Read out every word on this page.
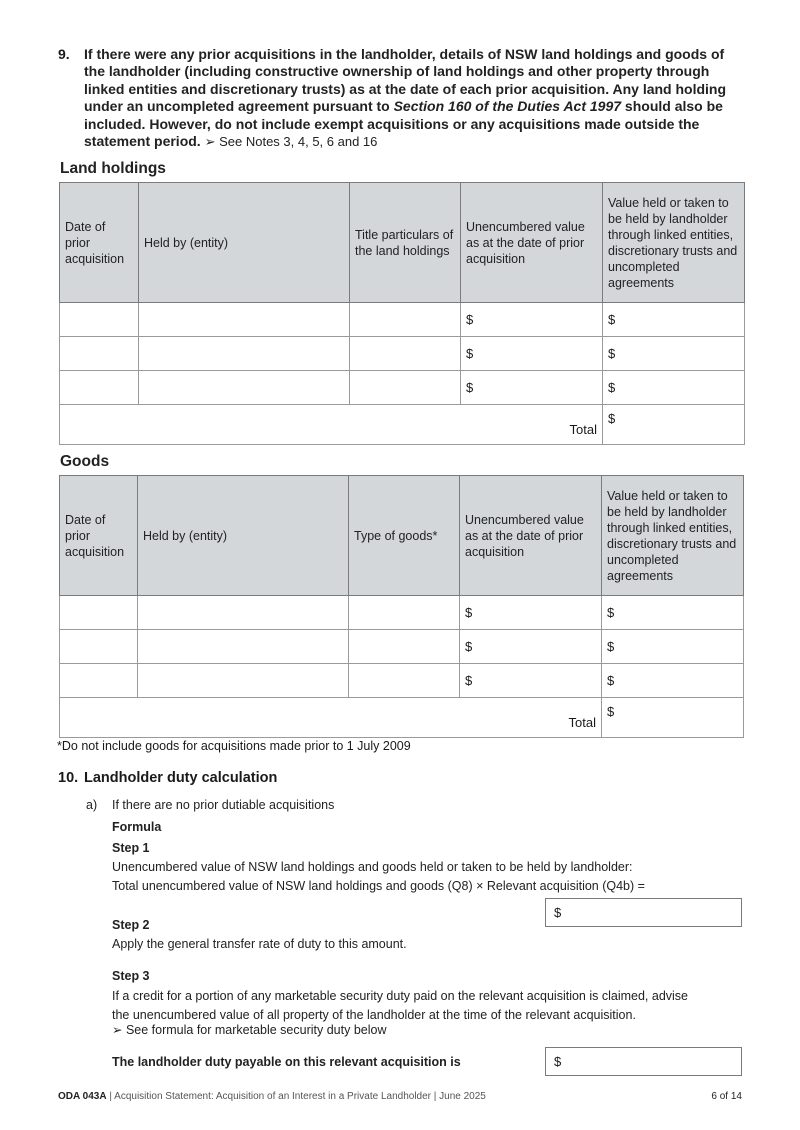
9. If there were any prior acquisitions in the landholder, details of NSW land holdings and goods of the landholder (including constructive ownership of land holdings and other property through linked entities and discretionary trusts) as at the date of each prior acquisition. Any land holding under an uncompleted agreement pursuant to Section 160 of the Duties Act 1997 should also be included. However, do not include exempt acquisitions or any acquisitions made outside the statement period. ➢ See Notes 3, 4, 5, 6 and 16
Land holdings
Date of prior acquisition	Held by (entity)	Title particulars of the land holdings	Unencumbered value as at the date of prior acquisition	Value held or taken to be held by landholder through linked entities, discretionary trusts and uncompleted agreements
			$	$
			$	$
			$	$
Total				$
Goods
Date of prior acquisition	Held by (entity)	Type of goods*	Unencumbered value as at the date of prior acquisition	Value held or taken to be held by landholder through linked entities, discretionary trusts and uncompleted agreements
			$	$
			$	$
			$	$
Total				$
*Do not include goods for acquisitions made prior to 1 July 2009
10. Landholder duty calculation
a) If there are no prior dutiable acquisitions
Formula
Step 1
Unencumbered value of NSW land holdings and goods held or taken to be held by landholder:
Total unencumbered value of NSW land holdings and goods (Q8) × Relevant acquisition (Q4b) =
$
Step 2
Apply the general transfer rate of duty to this amount.
Step 3
If a credit for a portion of any marketable security duty paid on the relevant acquisition is claimed, advise
the unencumbered value of all property of the landholder at the time of the relevant acquisition.
➢ See formula for marketable security duty below
The landholder duty payable on this relevant acquisition is	$
ODA 043A | Acquisition Statement: Acquisition of an Interest in a Private Landholder | June 2025	6 of 14
